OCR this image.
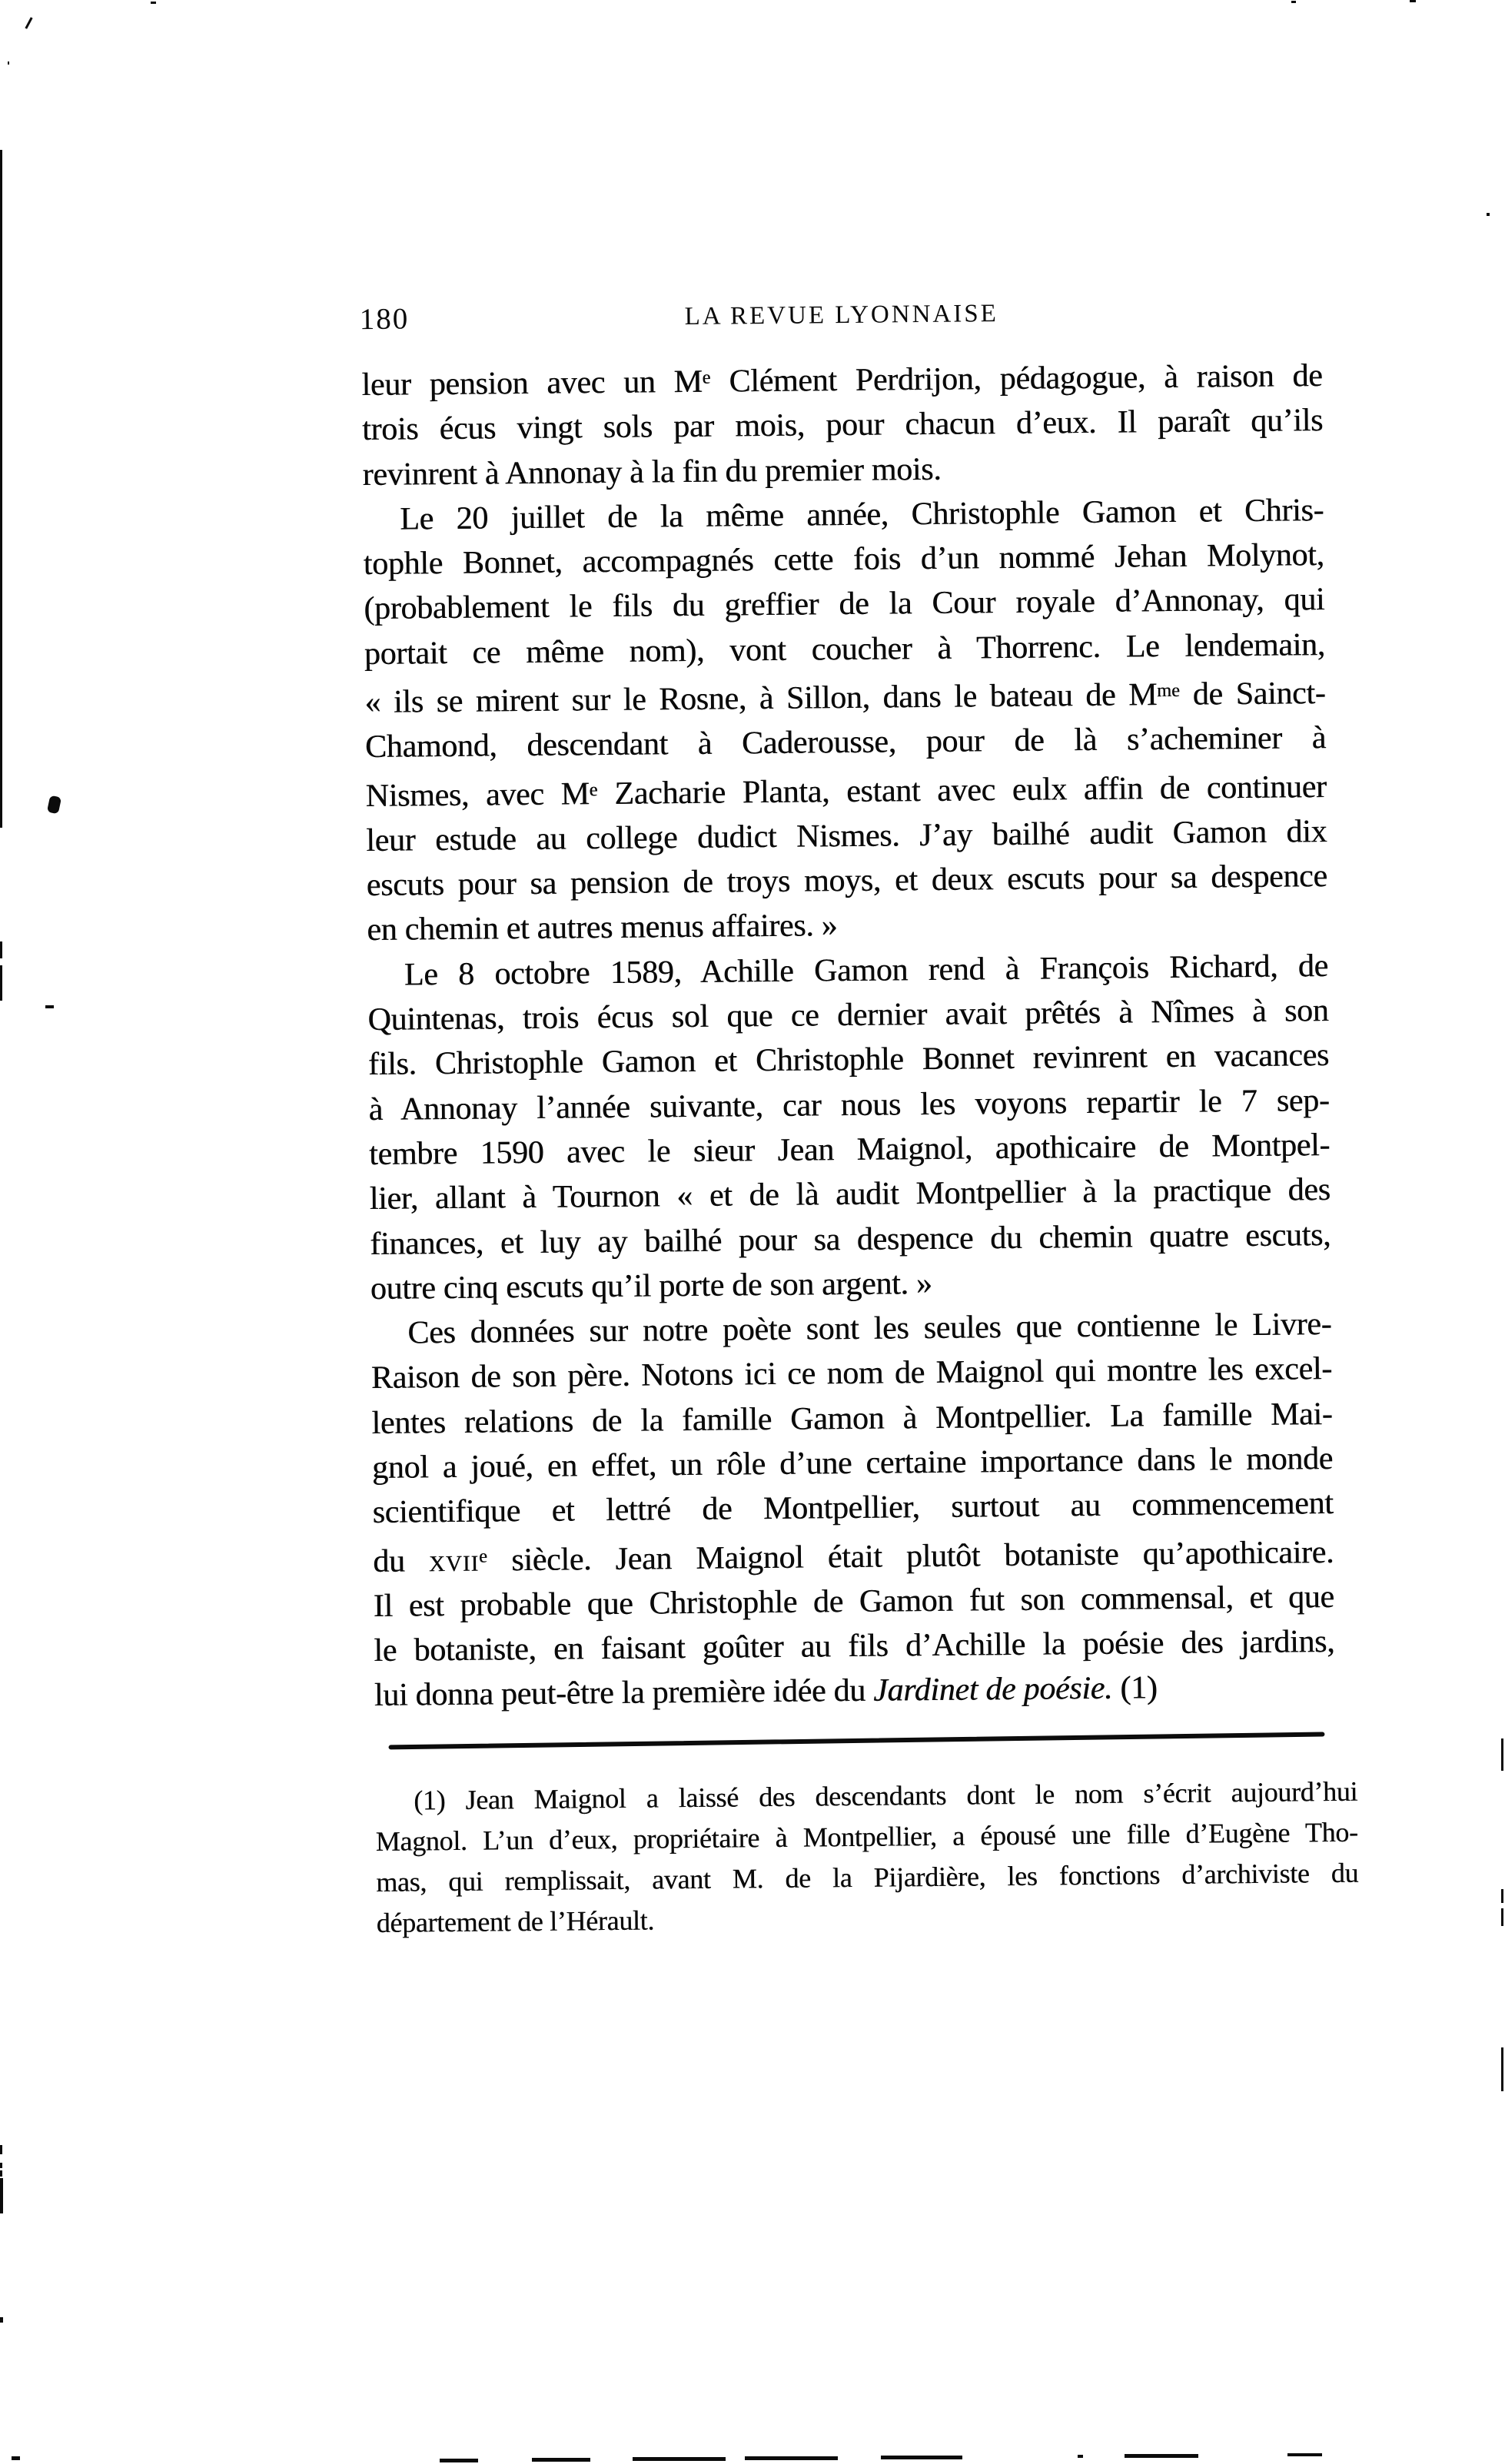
180	LA REVUE LYONNAISE
leur pension avec un Me Clément Perdrijon, pédagogue, à raison de
trois écus vingt sols par mois, pour chacun d’eux. Il paraît qu’ils
revinrent à Annonay à la fin du premier mois.
Le 20 juillet de la même année, Christophle Gamon et Chris-
tophle Bonnet, accompagnés cette fois d’un nommé Jehan Molynot,
(probablement le fils du greffier de la Cour royale d’Annonay, qui
portait ce même nom), vont coucher à Thorrenc. Le lendemain,
« ils se mirent sur le Rosne, à Sillon, dans le bateau de $M^{me}$ de Sainct-
Chamond, descendant à Caderousse, pour de là s’acheminer à
Nismes, avec Me Zacharie Planta, estant avec eulx affin de continuer
leur estude au college dudict Nismes. J’ay bailhé audit Gamon dix
escuts pour sa pension de troys moys, et deux escuts pour sa despence
en chemin et autres menus affaires. »
Le 8 octobre 1589, Achille Gamon rend à François Richard, de
Quintenas, trois écus sol que ce dernier avait prêtés à Nîmes à son
fils. Christophle Gamon et Christophle Bonnet revinrent en vacances
à Annonay l’année suivante, car nous les voyons repartir le 7 sep-
tembre 1590 avec le sieur Jean Maignol, apothicaire de Montpel-
lier, allant à Tournon « et de là audit Montpellier à la practique des
finances, et luy ay bailhé pour sa despence du chemin quatre escuts,
outre cinq escuts qu’il porte de son argent. »
Ces données sur notre poète sont les seules que contienne le Livre-
Raison de son père. Notons ici ce nom de Maignol qui montre les excel-
lentes relations de la famille Gamon à Montpellier. La famille Mai-
gnol a joué, en effet, un rôle d’une certaine importance dans le monde
scientifique et lettré de Montpellier, surtout au commencement
du xvii$^e$ siècle. Jean Maignol était plutôt botaniste qu’apothicaire.
Il est probable que Christophle de Gamon fut son commensal, et que
le botaniste, en faisant goûter au fils d’Achille la poésie des jardins,
lui donna peut-être la première idée du Jardinet de poésie. (1)
(1) Jean Maignol a laissé des descendants dont le nom s’écrit aujourd’hui
Magnol. L’un d’eux, propriétaire à Montpellier, a épousé une fille d’Eugène Tho-
mas, qui remplissait, avant M. de la Pijardière, les fonctions d’archiviste du
département de l’Hérault.
